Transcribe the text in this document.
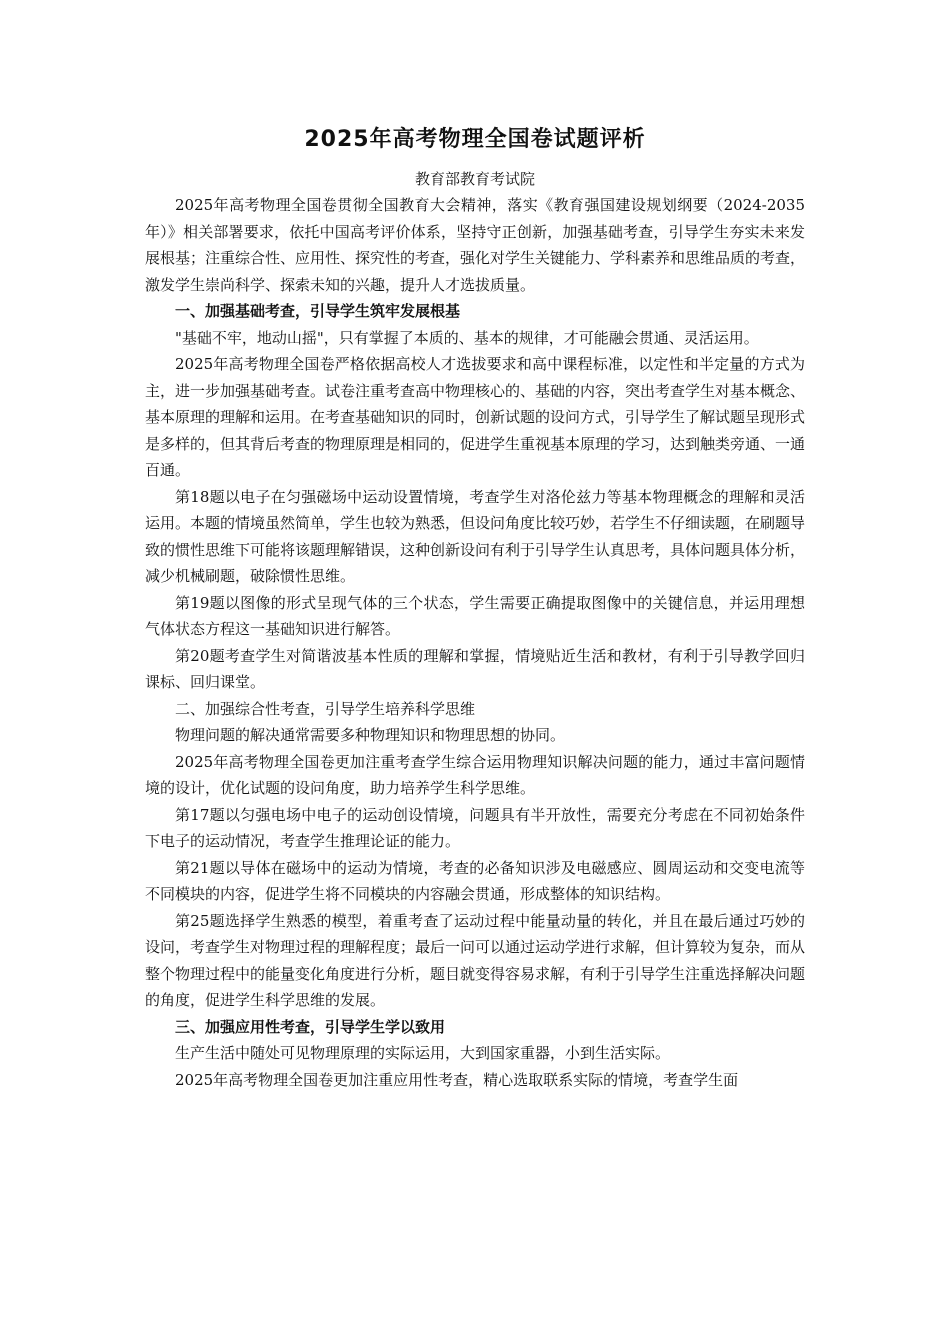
2025年高考物理全国卷试题评析
教育部教育考试院

2025年高考物理全国卷贯彻全国教育大会精神，落实《教育强国建设规划纲要（2024-2035年）》相关部署要求，依托中国高考评价体系，坚持守正创新，加强基础考查，引导学生夯实未来发展根基；注重综合性、应用性、探究性的考查，强化对学生关键能力、学科素养和思维品质的考查，激发学生崇尚科学、探索未知的兴趣，提升人才选拔质量。

一、加强基础考查，引导学生筑牢发展根基

"基础不牢，地动山摇"，只有掌握了本质的、基本的规律，才可能融会贯通、灵活运用。

2025年高考物理全国卷严格依据高校人才选拔要求和高中课程标准，以定性和半定量的方式为主，进一步加强基础考查。试卷注重考查高中物理核心的、基础的内容，突出考查学生对基本概念、基本原理的理解和运用。在考查基础知识的同时，创新试题的设问方式，引导学生了解试题呈现形式是多样的，但其背后考查的物理原理是相同的，促进学生重视基本原理的学习，达到触类旁通、一通百通。

第18题以电子在匀强磁场中运动设置情境，考查学生对洛伦兹力等基本物理概念的理解和灵活运用。本题的情境虽然简单，学生也较为熟悉，但设问角度比较巧妙，若学生不仔细读题，在刷题导致的惯性思维下可能将该题理解错误，这种创新设问有利于引导学生认真思考，具体问题具体分析，减少机械刷题，破除惯性思维。

第19题以图像的形式呈现气体的三个状态，学生需要正确提取图像中的关键信息，并运用理想气体状态方程这一基础知识进行解答。

第20题考查学生对简谐波基本性质的理解和掌握，情境贴近生活和教材，有利于引导教学回归课标、回归课堂。

二、加强综合性考查，引导学生培养科学思维

物理问题的解决通常需要多种物理知识和物理思想的协同。

2025年高考物理全国卷更加注重考查学生综合运用物理知识解决问题的能力，通过丰富问题情境的设计，优化试题的设问角度，助力培养学生科学思维。

第17题以匀强电场中电子的运动创设情境，问题具有半开放性，需要充分考虑在不同初始条件下电子的运动情况，考查学生推理论证的能力。

第21题以导体在磁场中的运动为情境，考查的必备知识涉及电磁感应、圆周运动和交变电流等不同模块的内容，促进学生将不同模块的内容融会贯通，形成整体的知识结构。

第25题选择学生熟悉的模型，着重考查了运动过程中能量动量的转化，并且在最后通过巧妙的设问，考查学生对物理过程的理解程度；最后一问可以通过运动学进行求解，但计算较为复杂，而从整个物理过程中的能量变化角度进行分析，题目就变得容易求解，有利于引导学生注重选择解决问题的角度，促进学生科学思维的发展。

三、加强应用性考查，引导学生学以致用

生产生活中随处可见物理原理的实际运用，大到国家重器，小到生活实际。

2025年高考物理全国卷更加注重应用性考查，精心选取联系实际的情境，考查学生面
